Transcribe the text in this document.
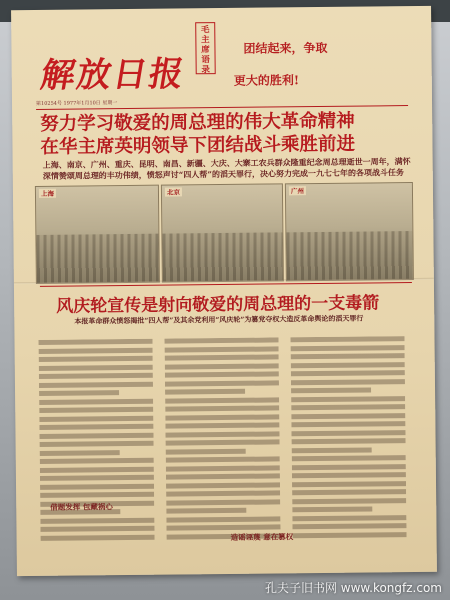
解放日报
毛主席语录
团结起来，争取
更大的胜利!
第10254号 1977年1月10日 星期一
努力学习敬爱的周总理的伟大革命精神
在华主席英明领导下团结战斗乘胜前进
上海、南京、广州、重庆、昆明、南昌、新疆、大庆、大寨工农兵群众隆重纪念周总理逝世一周年，满怀深情赞颂周总理的丰功伟绩，愤怒声讨“四人帮”的滔天罪行，决心努力完成一九七七年的各项战斗任务
上海	北京	广州
风庆轮宣传是射向敬爱的周总理的一支毒箭
本报革命群众愤怒揭批“四人帮”及其余党利用“风庆轮”为篡党夺权大造反革命舆论的滔天罪行
借题发挥 包藏祸心
造谣诬蔑 意在篡权
孔夫子旧书网 www.kongfz.com
